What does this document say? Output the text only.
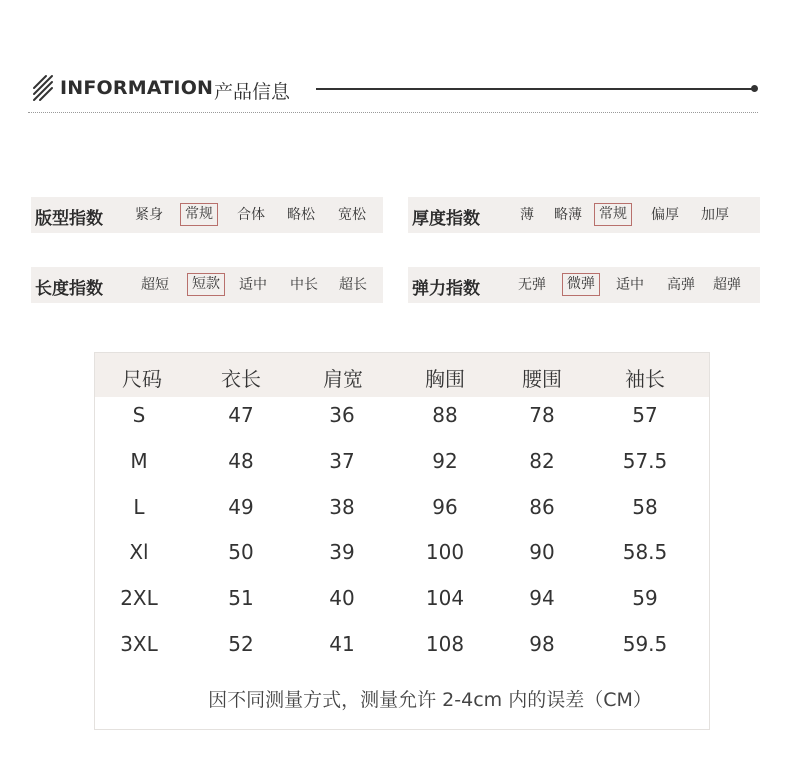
INFORMATION 产品信息
版型指数 紧身	常规	合体 略松 宽松	厚度指数	薄 略薄	常规	偏厚 加厚
长度指数	超短	短款	适中 中长 超长	弹力指数	无弹	微弹	适中 高弹 超弹
尺码	衣长	肩宽	胸围	腰围	袖长
S	47	36	88	78	57
M	48	37	92	82	57.5
L	49	38	96	86	58
Xl	50	39	100	90	58.5
2XL	51	40	104	94	59
3XL	52	41	108	98	59.5
因不同测量方式，测量允许 2-4cm 内的误差（CM）
